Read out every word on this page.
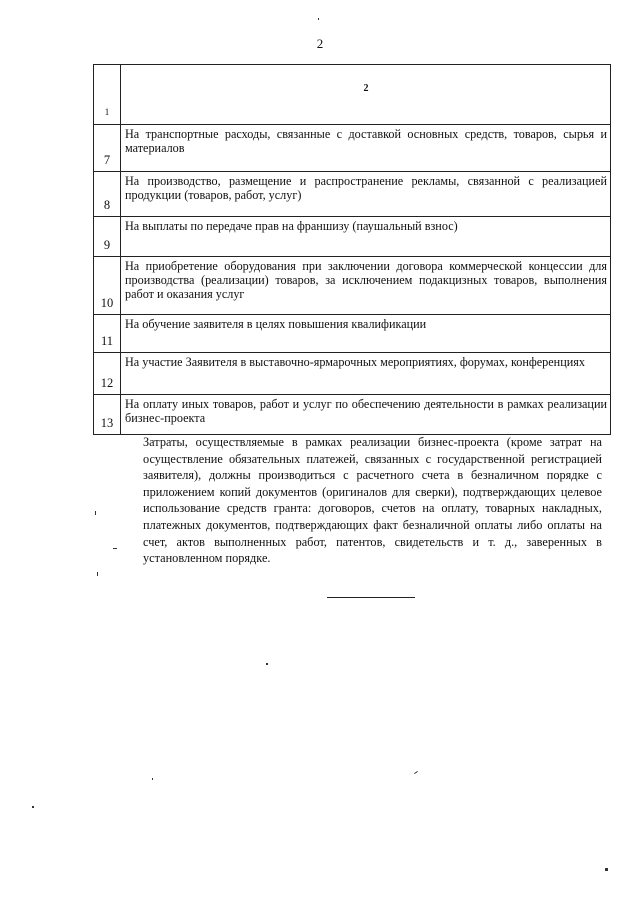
2
1	2
7	На транспортные расходы, связанные с доставкой основных средств, товаров, сырья и материалов
8	На производство, размещение и распространение рекламы, связанной с реализацией продукции (товаров, работ, услуг)
9	На выплаты по передаче прав на франшизу (паушальный взнос)
10	На приобретение оборудования при заключении договора коммерческой концессии для производства (реализации) товаров, за исключением подакцизных товаров, выполнения работ и оказания услуг
11	На обучение заявителя в целях повышения квалификации
12	На участие Заявителя в выставочно-ярмарочных мероприятиях, форумах, конференциях
13	На оплату иных товаров, работ и услуг по обеспечению деятельности в рамках реализации бизнес-проекта

Затраты, осуществляемые в рамках реализации бизнес-проекта (кроме затрат на осуществление обязательных платежей, связанных с государственной регистрацией заявителя), должны производиться с расчетного счета в безналичном порядке с приложением копий документов (оригиналов для сверки), подтверждающих целевое использование средств гранта: договоров, счетов на оплату, товарных накладных, платежных документов, подтверждающих факт безналичной оплаты либо оплаты на счет, актов выполненных работ, патентов, свидетельств и т. д., заверенных в установленном порядке.
